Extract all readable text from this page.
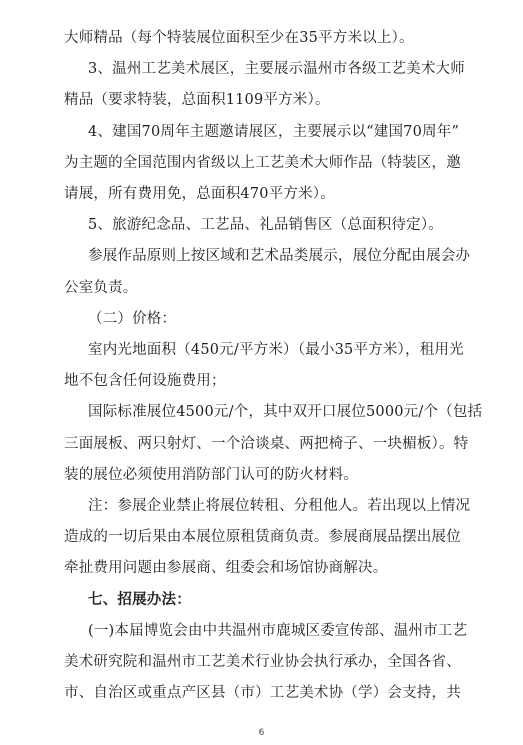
大师精品（每个特装展位面积至少在35平方米以上）。
3、温州工艺美术展区，主要展示温州市各级工艺美术大师
精品（要求特装，总面积1109平方米）。
4、建国70周年主题邀请展区，主要展示以“建国70周年”
为主题的全国范围内省级以上工艺美术大师作品（特装区，邀
请展，所有费用免，总面积470平方米）。
5、旅游纪念品、工艺品、礼品销售区（总面积待定）。
参展作品原则上按区域和艺术品类展示，展位分配由展会办
公室负责。
（二）价格：
室内光地面积（450元/平方米）（最小35平方米），租用光
地不包含任何设施费用；
国际标准展位4500元/个，其中双开口展位5000元/个（包括
三面展板、两只射灯、一个洽谈桌、两把椅子、一块楣板）。特
装的展位必须使用消防部门认可的防火材料。
注：参展企业禁止将展位转租、分租他人。若出现以上情况
造成的一切后果由本展位原租赁商负责。参展商展品摆出展位
牵扯费用问题由参展商、组委会和场馆协商解决。
七、招展办法：
(一)本届博览会由中共温州市鹿城区委宣传部、温州市工艺
美术研究院和温州市工艺美术行业协会执行承办，全国各省、
市、自治区或重点产区县（市）工艺美术协（学）会支持，共
6
